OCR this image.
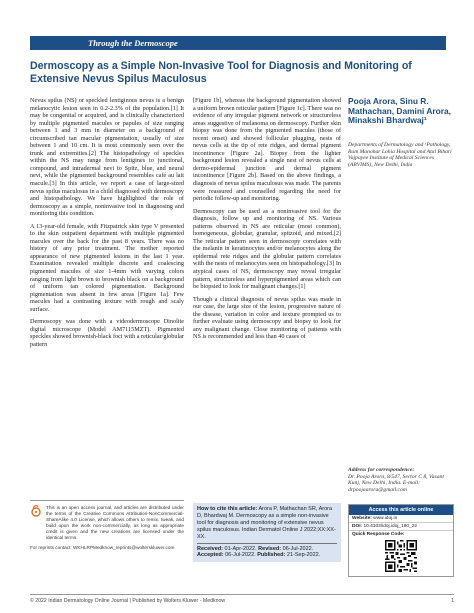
Through the Dermoscope
Dermoscopy as a Simple Non-Invasive Tool for Diagnosis and Monitoring of Extensive Nevus Spilus Maculosus

Nevus spilus (NS) or speckled lentiginous nevus is a benign melanocytic lesion seen in 0.2-2.3% of the population.[1] It may be congenital or acquired, and is clinically characterized by multiple pigmented macules or papules of size ranging between 1 and 3 mm in diameter on a background of circumscribed tan macular pigmentation, usually of size between 1 and 10 cm. It is most commonly seen over the trunk and extremities.[2] The histopathology of speckles within the NS may range from lentigines to junctional, compound, and intradermal nevi to Spitz, blue, and neural nevi, while the pigmented background resembles café au lait macule.[3] In this article, we report a case of large-sized nevus spilus maculosus in a child diagnosed with dermoscopy and histopathology. We have highlighted the role of dermoscopy as a simple, noninvasive tool in diagnosing and monitoring this condition.

A 13-year-old female, with Fitzpatrick skin type V presented to the skin outpatient department with multiple pigmented macules over the back for the past 8 years. There was no history of any prior treatment. The mother reported appearance of new pigmented lesions in the last 1 year. Examination revealed multiple discrete and coalescing pigmented macules of size 1-4mm with varying colors ranging from light brown to brownish black on a background of uniform tan colored pigmentation. Background pigmentation was absent in few areas [Figure 1a]. Few macules had a contrasting texture with rough and scaly surface.

Dermoscopy was done with a videodermoscope Dinolite digital microscope (Model AM7115MZT). Pigmented speckles showed brownish-black foci with a reticular/globular pattern

[Figure 1b], whereas the background pigmentation showed a uniform brown reticular pattern [Figure 1c]. There was no evidence of any irregular pigment network or structureless areas suggestive of melanoma on dermoscopy. Further skin biopsy was done from the pigmented macules (those of recent onset) and showed follicular plugging, nests of nevus cells at the tip of rete ridges, and dermal pigment incontinence [Figure 2a]. Biopsy from the lighter background lesion revealed a single nest of nevus cells at dermo-epidermal junction and dermal pigment incontinence [Figure 2b]. Based on the above findings, a diagnosis of nevus spilus maculosus was made. The parents were reassured and counselled regarding the need for periodic follow-up and monitoring.

Dermoscopy can be used as a noninvasive tool for the diagnosis, follow up and monitoring of NS. Various patterns observed in NS are reticular (most common), homogeneous, globular, granular, spitzoid, and mixed.[2] The reticular pattern seen in dermoscopy correlates with the melanin in keratinocytes and/or melanocytes along the epidermal rete ridges and the globular pattern correlates with the nests of melanocytes seen on histopathology.[3] In atypical cases of NS, dermoscopy may reveal irregular pattern, structureless and hyperpigmented areas which can be biopsied to look for malignant changes.[1]

Though a clinical diagnosis of nevus spilus was made in our case, the large size of the lesion, progressive nature of the disease, variation in color and texture prompted us to further evaluate using dermoscopy and biopsy to look for any malignant change. Close monitoring of patients with NS is recommended and less than 40 cases of

Pooja Arora, Sinu R. Mathachan, Damini Arora, Minakshi Bhardwaj¹
Departments of Dermatology and ¹Pathology, Ram Manohar Lohia Hospital and Atal Bihari Vajpayee Institute of Medical Sciences (ABVIMS), New Delhi, India
Address for correspondence:
Dr. Pooja Arora, 8/547, Sector C 8, Vasant Kunj, New Delhi, India. E-mail: drpoojaarora@gmail.com
Access this article online
Website: www.idoj.in
DOI: 10.4103/idoj.idoj_190_22
Quick Response Code:
This is an open access journal, and articles are distributed under the terms of the Creative Commons Attribution-NonCommercial-ShareAlike 4.0 License, which allows others to remix, tweak, and build upon the work non-commercially, as long as appropriate credit is given and the new creations are licensed under the identical terms.
For reprints contact: WKHLRPMedknow_reprints@wolterskluwer.com
How to cite this article: Arora P, Mathachan SR, Arora D, Bhardwaj M. Dermoscopy as a simple non-invasive tool for diagnosis and monitoring of extensive nevus spilus maculosus. Indian Dermatol Online J 2022;XX:XX-XX.
Received: 01-Apr-2022. Revised: 06-Jul-2022.
Accepted: 06-Jul-2022. Published: 21-Sep-2022.
© 2022 Indian Dermatology Online Journal | Published by Wolters Kluwer - Medknow	1
